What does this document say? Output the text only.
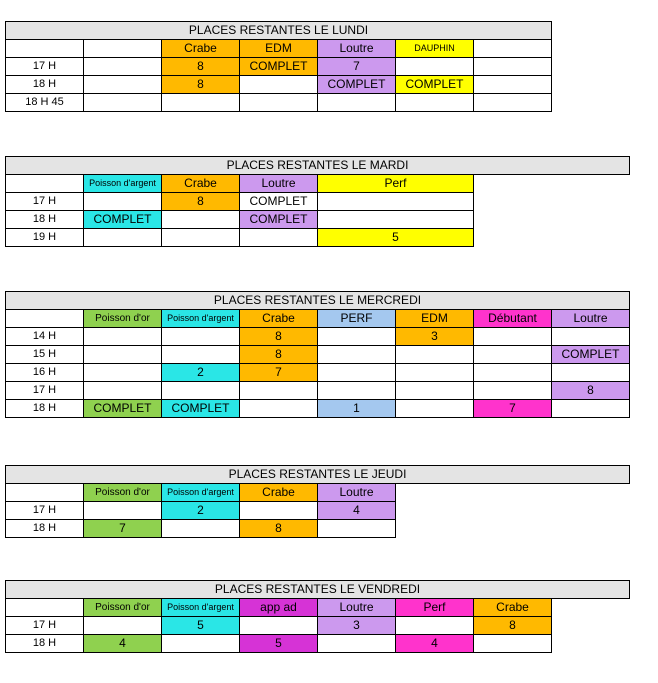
PLACES RESTANTES LE LUNDI						
		Crabe	EDM	Loutre	DAUPHIN	
17 H		8	COMPLET	7		
18 H		8		COMPLET	COMPLET	
18 H 45						
PLACES RESTANTES LE MARDI						
	Poisson d'argent	Crabe	Loutre	Perf		
17 H		8	COMPLET			
18 H	COMPLET		COMPLET			
19 H				5		
PLACES RESTANTES LE MERCREDI							
	Poisson d'or	Poisson d'argent	Crabe	PERF	EDM	Débutant	Loutre
14 H			8		3		
15 H			8				COMPLET
16 H		2	7				
17 H							8
18 H	COMPLET	COMPLET		1		7	
PLACES RESTANTES LE JEUDI							
	Poisson d'or	Poisson d'argent	Crabe	Loutre			
17 H		2		4			
18 H	7		8				
PLACES RESTANTES LE VENDREDI							
	Poisson d'or	Poisson d'argent	app ad	Loutre	Perf	Crabe	
17 H		5		3		8	
18 H	4		5		4		
